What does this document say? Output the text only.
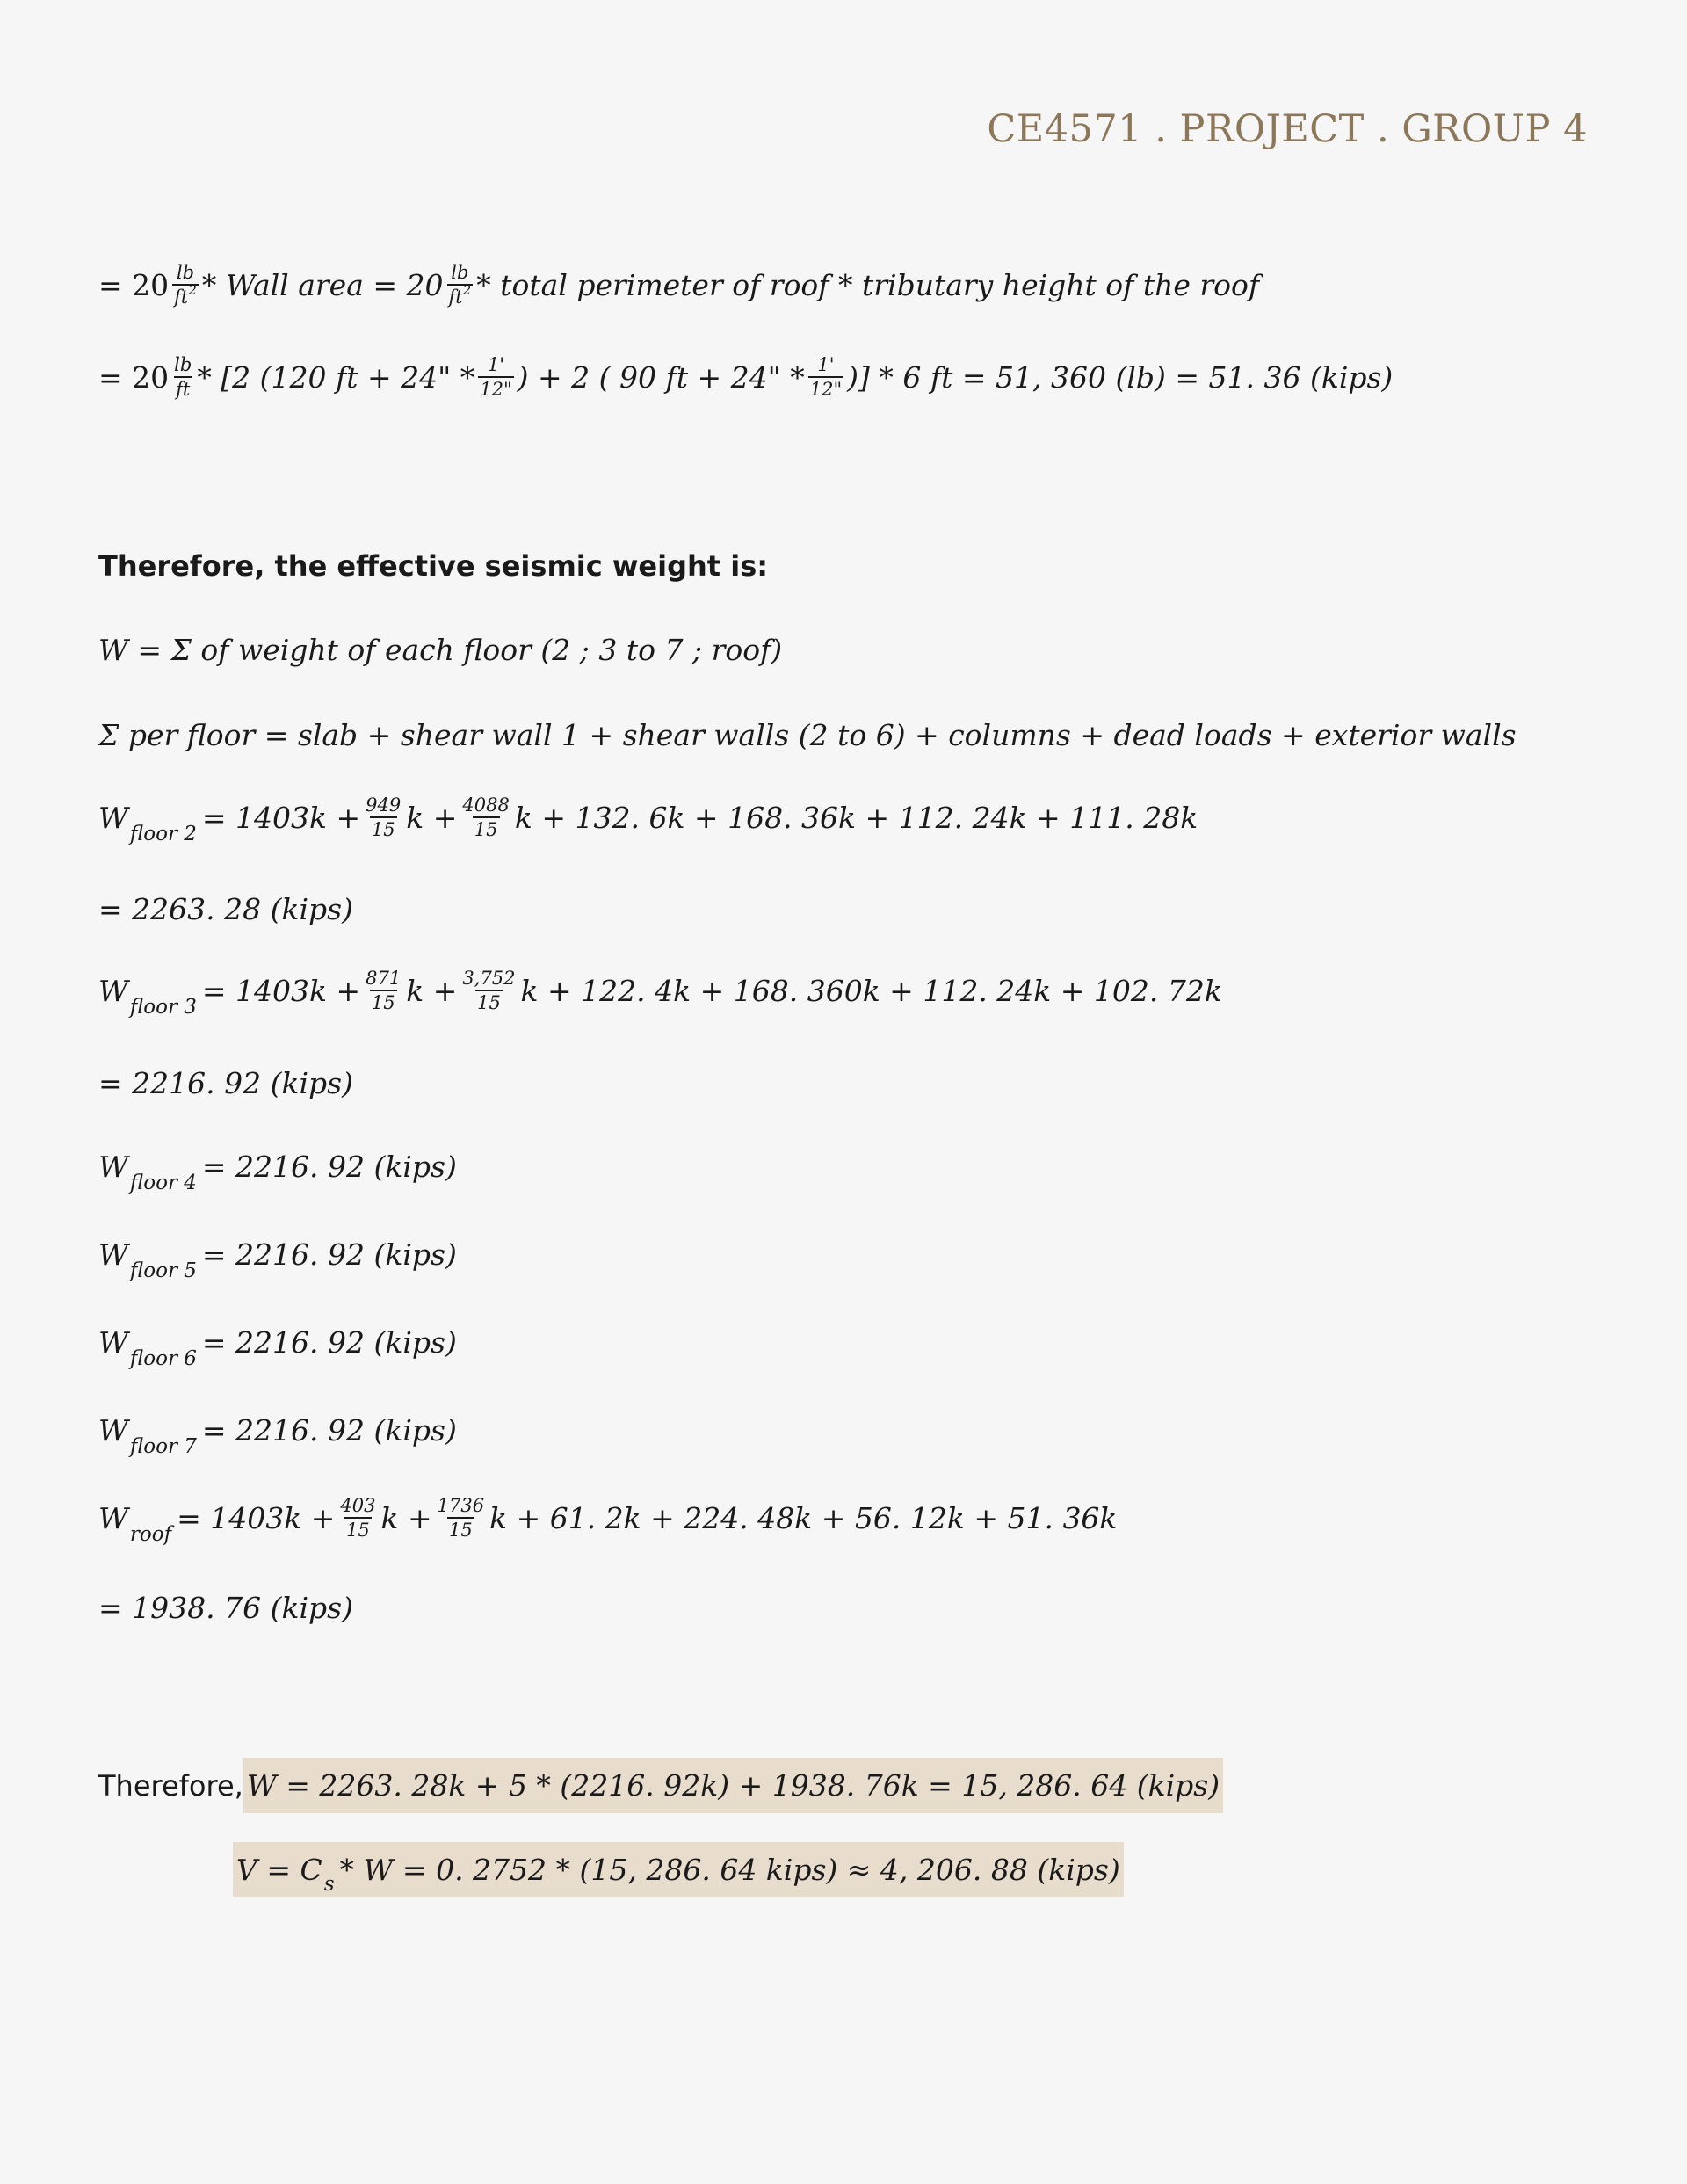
CE4571 . PROJECT . GROUP 4
= $20 \frac{lb}{ft^2}$ * Wall area = $20 \frac{lb}{ft^2}$ * total perimeter of roof * tributary height of the roof
= $20 \frac{lb}{ft} * [2$ (120 ft + 24" * $\frac{1'}{12"}$ ) + 2 ( 90 ft + 24" * $\frac{1'}{12"}$ )] * 6 ft = 51, 360 (lb) = 51. 36 (kips)
Therefore, the effective seismic weight is:
W = Σ of weight of each floor (2 ; 3 to 7 ; roof)
Σ per floor = slab + shear wall 1 + shear walls (2 to 6) + columns + dead loads + exterior walls
W floor $2 = 1403k + \frac{949}{15}$ $k + \frac{4088}{15}$ k + 132. 6k + 168. 36k + 112. 24k + 111. 28k
= 2263. 28 (kips)
W floor $3 = 1403k + \frac{871}{15}$ $k + \frac{3,752}{15}$ k + 122. 4k + 168. 360k + 112. 24k + 102. 72k
= 2216. 92 (kips)
W floor 4 = 2216. 92 (kips)
W floor 5 = 2216. 92 (kips)
W floor 6 = 2216. 92 (kips)
W floor 7 = 2216. 92 (kips)
W roof = $1403k + \frac{403}{15}$ $k + \frac{1736}{15}$ k + 61. 2k + 224. 48k + 56. 12k + 51. 36k
= 1938. 76 (kips)
Therefore, W = 2263. 28k + 5 * (2216. 92k) + 1938. 76k = 15, 286. 64 (kips)
$V = C_s * W = 0$. 2752 * (15, 286. 64 kips) ≈ 4, 206. 88 (kips)
